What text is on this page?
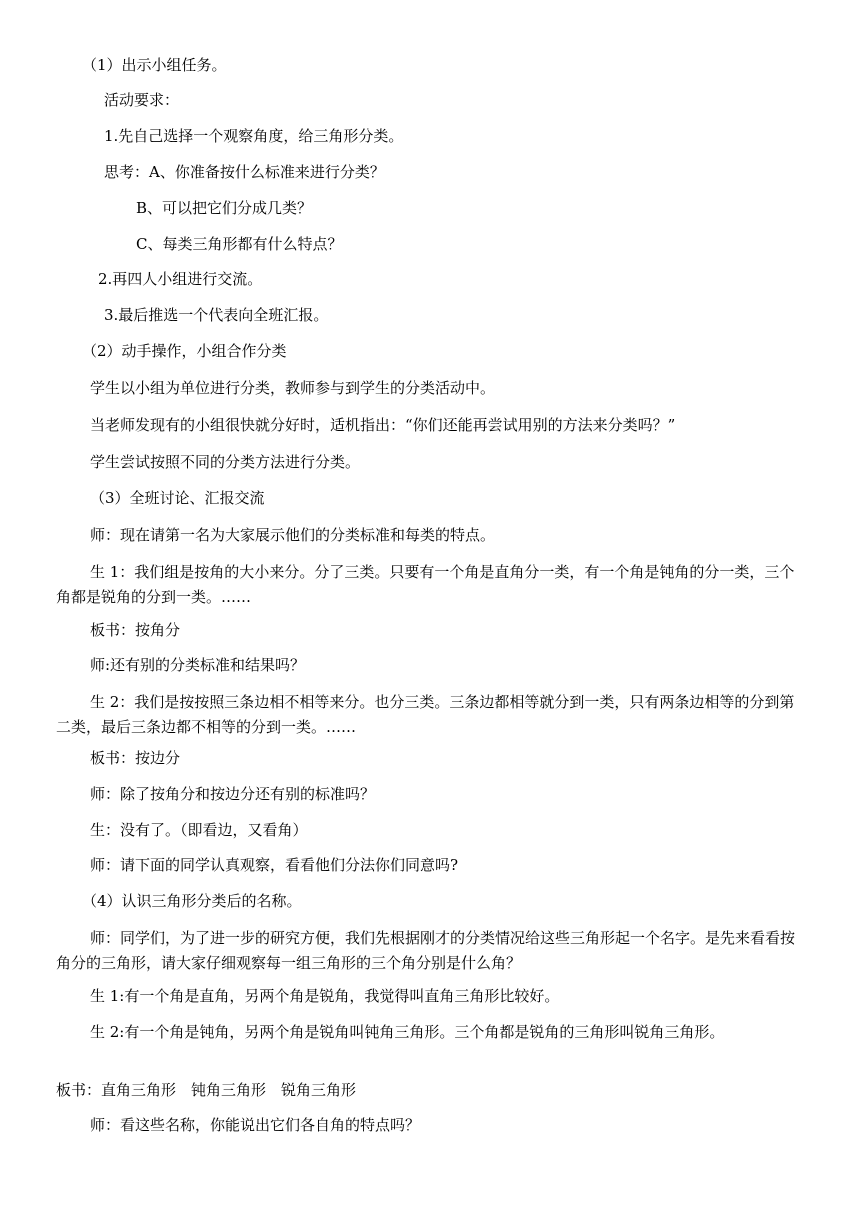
（1）出示小组任务。

活动要求：

1.先自己选择一个观察角度，给三角形分类。

思考：A、你准备按什么标准来进行分类？

B、可以把它们分成几类？

C、每类三角形都有什么特点？

2.再四人小组进行交流。

3.最后推选一个代表向全班汇报。

（2）动手操作，小组合作分类

学生以小组为单位进行分类，教师参与到学生的分类活动中。

当老师发现有的小组很快就分好时，适机指出：“你们还能再尝试用别的方法来分类吗？”

学生尝试按照不同的分类方法进行分类。

（3）全班讨论、汇报交流

师：现在请第一名为大家展示他们的分类标准和每类的特点。

生 1：我们组是按角的大小来分。分了三类。只要有一个角是直角分一类，有一个角是钝角的分一类，三个角都是锐角的分到一类。……

板书：按角分

师:还有别的分类标准和结果吗？

生 2：我们是按按照三条边相不相等来分。也分三类。三条边都相等就分到一类，只有两条边相等的分到第二类，最后三条边都不相等的分到一类。……

板书：按边分

师：除了按角分和按边分还有别的标准吗？

生：没有了。（即看边，又看角）

师：请下面的同学认真观察，看看他们分法你们同意吗?

（4）认识三角形分类后的名称。

师：同学们，为了进一步的研究方便，我们先根据刚才的分类情况给这些三角形起一个名字。是先来看看按角分的三角形，请大家仔细观察每一组三角形的三个角分别是什么角？

生 1:有一个角是直角，另两个角是锐角，我觉得叫直角三角形比较好。

生 2:有一个角是钝角，另两个角是锐角叫钝角三角形。三个角都是锐角的三角形叫锐角三角形。

板书：直角三角形　钝角三角形　锐角三角形

师：看这些名称，你能说出它们各自角的特点吗？
